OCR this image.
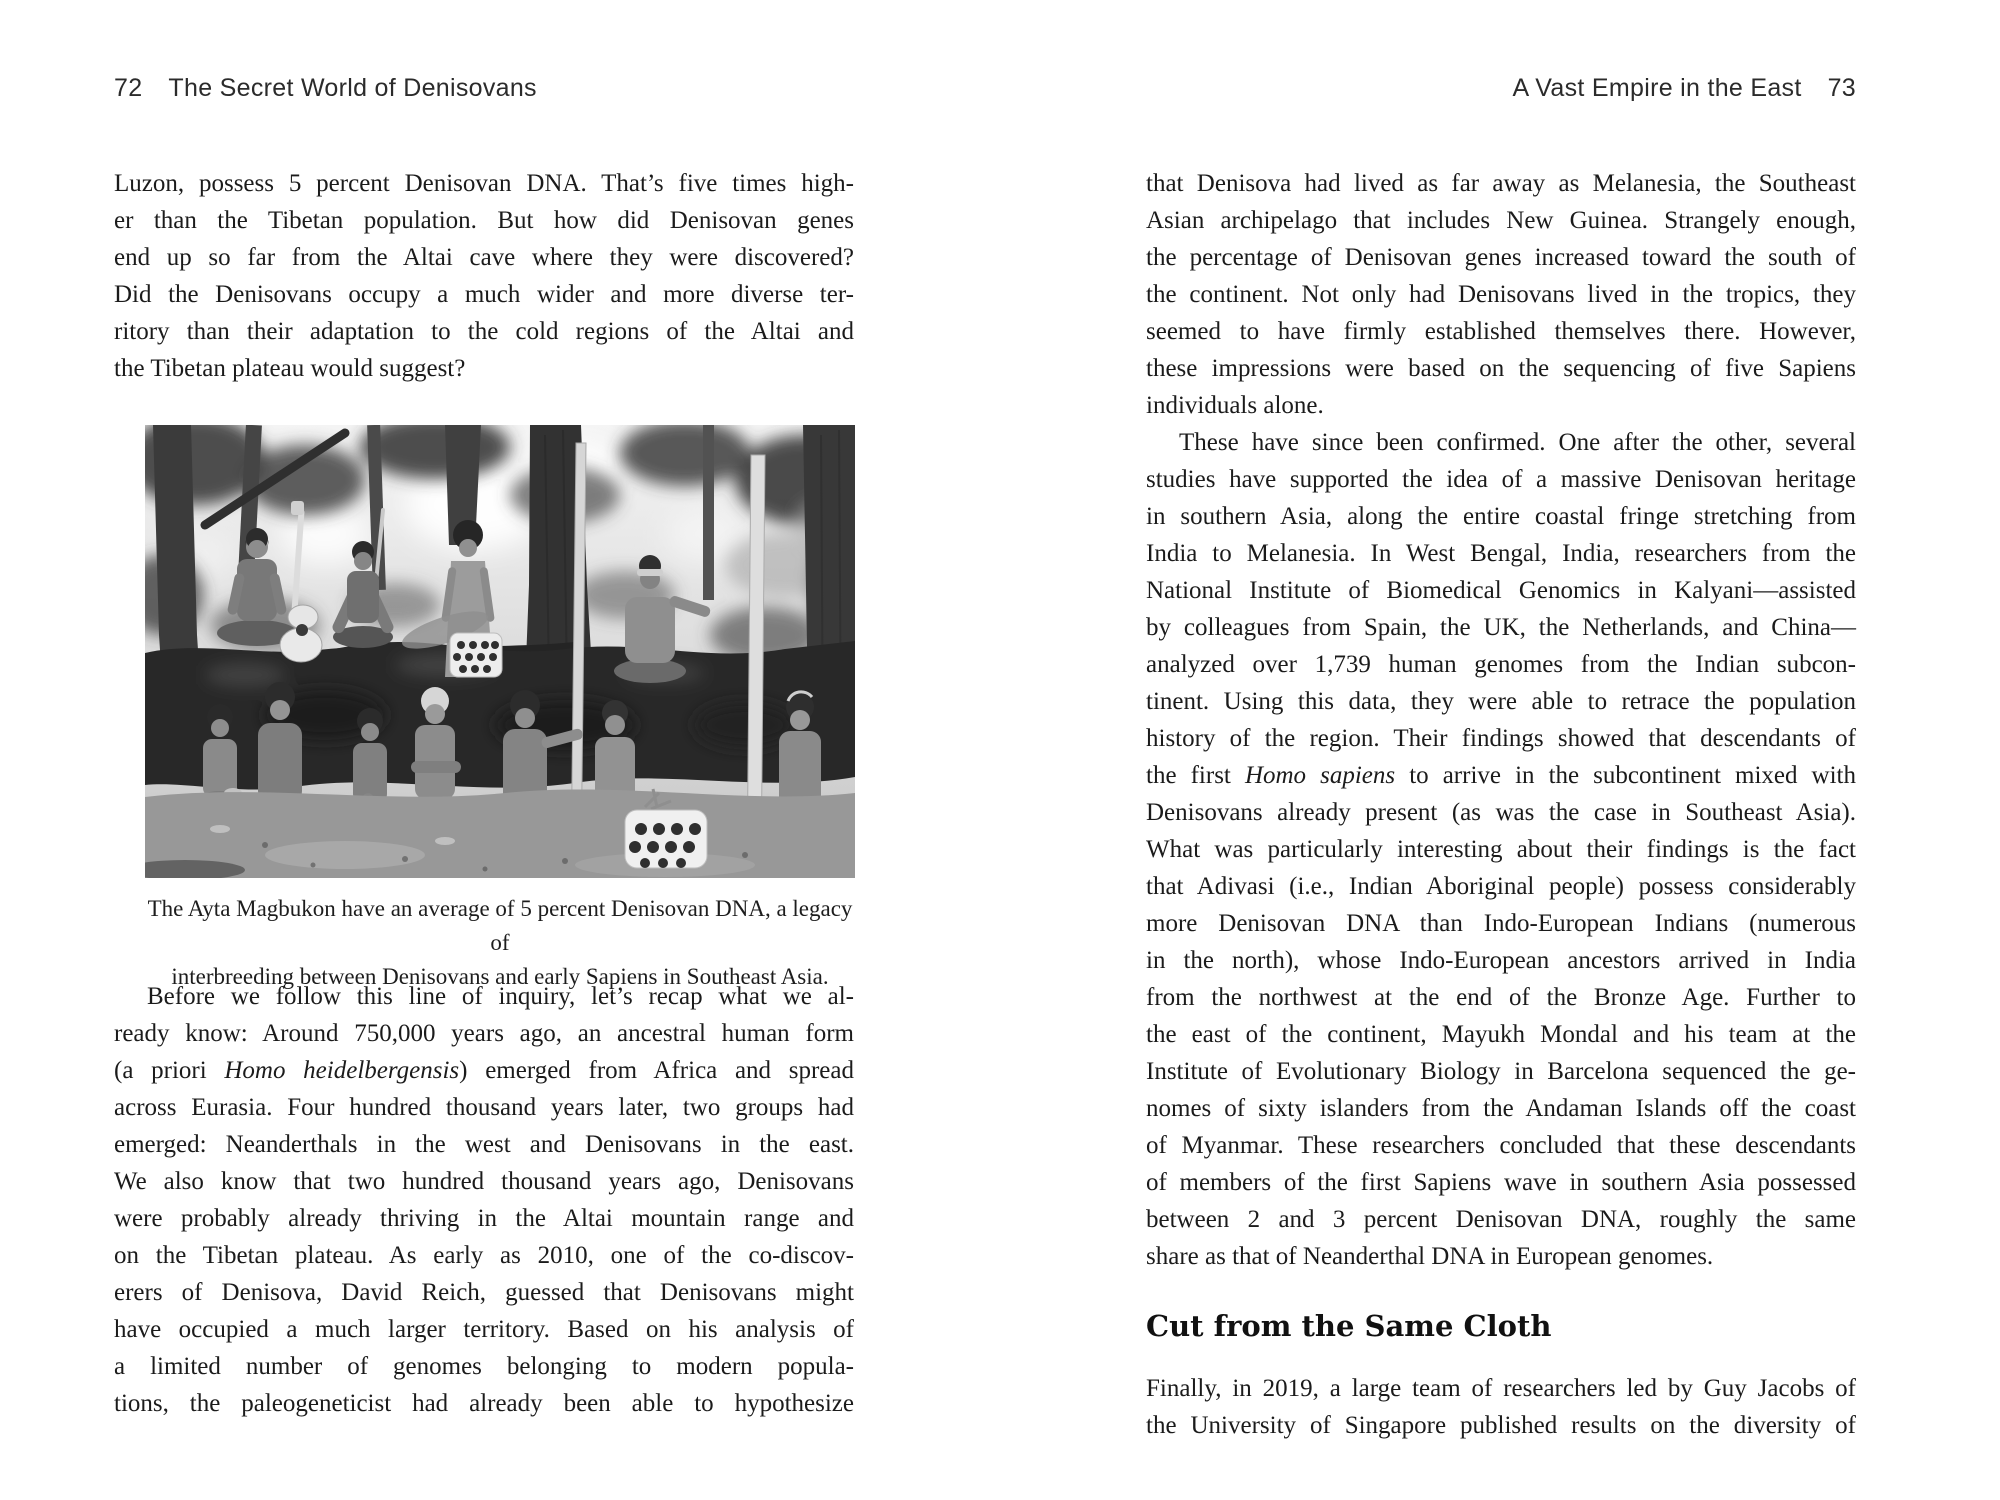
72 The Secret World of Denisovans	A Vast Empire in the East 73
Luzon, possess 5 percent Denisovan DNA. That’s five times high-
er than the Tibetan population. But how did Denisovan genes
end up so far from the Altai cave where they were discovered?
Did the Denisovans occupy a much wider and more diverse ter-
ritory than their adaptation to the cold regions of the Altai and
the Tibetan plateau would suggest?
The Ayta Magbukon have an average of 5 percent Denisovan DNA, a legacy of
interbreeding between Denisovans and early Sapiens in Southeast Asia.
Before we follow this line of inquiry, let’s recap what we al-
ready know: Around 750,000 years ago, an ancestral human form
(a priori Homo heidelbergensis) emerged from Africa and spread
across Eurasia. Four hundred thousand years later, two groups had
emerged: Neanderthals in the west and Denisovans in the east.
We also know that two hundred thousand years ago, Denisovans
were probably already thriving in the Altai mountain range and
on the Tibetan plateau. As early as 2010, one of the co-discov-
erers of Denisova, David Reich, guessed that Denisovans might
have occupied a much larger territory. Based on his analysis of
a limited number of genomes belonging to modern popula-
tions, the paleogeneticist had already been able to hypothesize
that Denisova had lived as far away as Melanesia, the Southeast
Asian archipelago that includes New Guinea. Strangely enough,
the percentage of Denisovan genes increased toward the south of
the continent. Not only had Denisovans lived in the tropics, they
seemed to have firmly established themselves there. However,
these impressions were based on the sequencing of five Sapiens
individuals alone.
These have since been confirmed. One after the other, several
studies have supported the idea of a massive Denisovan heritage
in southern Asia, along the entire coastal fringe stretching from
India to Melanesia. In West Bengal, India, researchers from the
National Institute of Biomedical Genomics in Kalyani—assisted
by colleagues from Spain, the UK, the Netherlands, and China—
analyzed over 1,739 human genomes from the Indian subcon-
tinent. Using this data, they were able to retrace the population
history of the region. Their findings showed that descendants of
the first Homo sapiens to arrive in the subcontinent mixed with
Denisovans already present (as was the case in Southeast Asia).
What was particularly interesting about their findings is the fact
that Adivasi (i.e., Indian Aboriginal people) possess considerably
more Denisovan DNA than Indo-European Indians (numerous
in the north), whose Indo-European ancestors arrived in India
from the northwest at the end of the Bronze Age. Further to
the east of the continent, Mayukh Mondal and his team at the
Institute of Evolutionary Biology in Barcelona sequenced the ge-
nomes of sixty islanders from the Andaman Islands off the coast
of Myanmar. These researchers concluded that these descendants
of members of the first Sapiens wave in southern Asia possessed
between 2 and 3 percent Denisovan DNA, roughly the same
share as that of Neanderthal DNA in European genomes.
Cut from the Same Cloth
Finally, in 2019, a large team of researchers led by Guy Jacobs of
the University of Singapore published results on the diversity of
